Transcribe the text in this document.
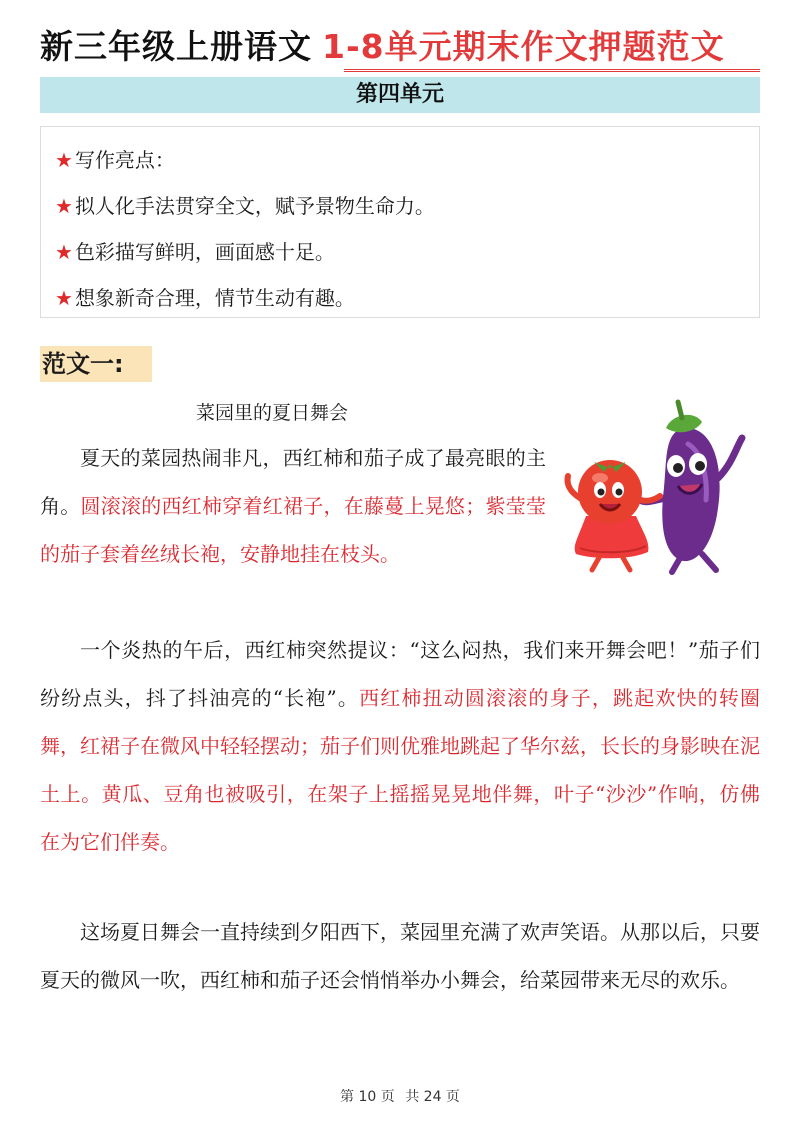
新三年级上册语文 1-8单元期末作文押题范文
第四单元
★ 写作亮点：
★ 拟人化手法贯穿全文，赋予景物生命力。
★ 色彩描写鲜明，画面感十足。
★ 想象新奇合理，情节生动有趣。
范文一:
菜园里的夏日舞会

夏天的菜园热闹非凡，西红柿和茄子成了最亮眼的主角。圆滚滚的西红柿穿着红裙子，在藤蔓上晃悠；紫莹莹的茄子套着丝绒长袍，安静地挂在枝头。

一个炎热的午后，西红柿突然提议：“这么闷热，我们来开舞会吧！”茄子们纷纷点头，抖了抖油亮的“长袍”。西红柿扭动圆滚滚的身子，跳起欢快的转圈舞，红裙子在微风中轻轻摆动；茄子们则优雅地跳起了华尔兹，长长的身影映在泥土上。黄瓜、豆角也被吸引，在架子上摇摇晃晃地伴舞，叶子“沙沙”作响，仿佛在为它们伴奏。

这场夏日舞会一直持续到夕阳西下，菜园里充满了欢声笑语。从那以后，只要夏天的微风一吹，西红柿和茄子还会悄悄举办小舞会，给菜园带来无尽的欢乐。

第 10 页 共 24 页
